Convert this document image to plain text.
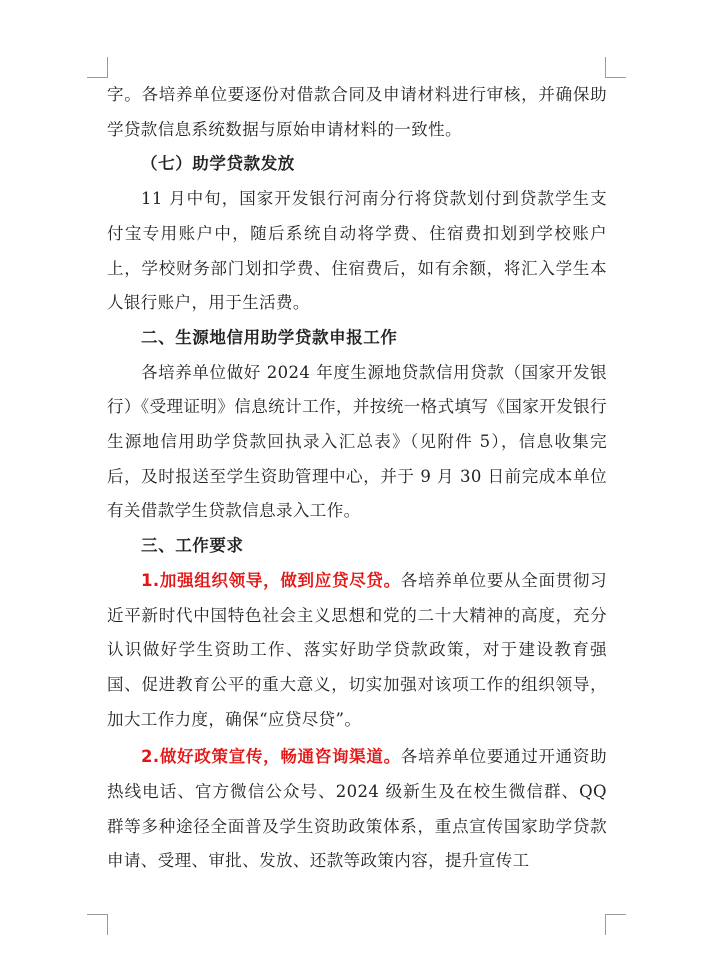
字。各培养单位要逐份对借款合同及申请材料进行审核，并确保助学贷款信息系统数据与原始申请材料的一致性。

（七）助学贷款发放

11 月中旬，国家开发银行河南分行将贷款划付到贷款学生支付宝专用账户中，随后系统自动将学费、住宿费扣划到学校账户上，学校财务部门划扣学费、住宿费后，如有余额，将汇入学生本人银行账户，用于生活费。

二、生源地信用助学贷款申报工作

各培养单位做好 2024 年度生源地贷款信用贷款（国家开发银行）《受理证明》信息统计工作，并按统一格式填写《国家开发银行生源地信用助学贷款回执录入汇总表》（见附件 5），信息收集完后，及时报送至学生资助管理中心，并于 9 月 30 日前完成本单位有关借款学生贷款信息录入工作。

三、工作要求

1.加强组织领导，做到应贷尽贷。各培养单位要从全面贯彻习近平新时代中国特色社会主义思想和党的二十大精神的高度，充分认识做好学生资助工作、落实好助学贷款政策，对于建设教育强国、促进教育公平的重大意义，切实加强对该项工作的组织领导，加大工作力度，确保“应贷尽贷”。

2.做好政策宣传，畅通咨询渠道。各培养单位要通过开通资助热线电话、官方微信公众号、2024 级新生及在校生微信群、QQ 群等多种途径全面普及学生资助政策体系，重点宣传国家助学贷款申请、受理、审批、发放、还款等政策内容，提升宣传工
